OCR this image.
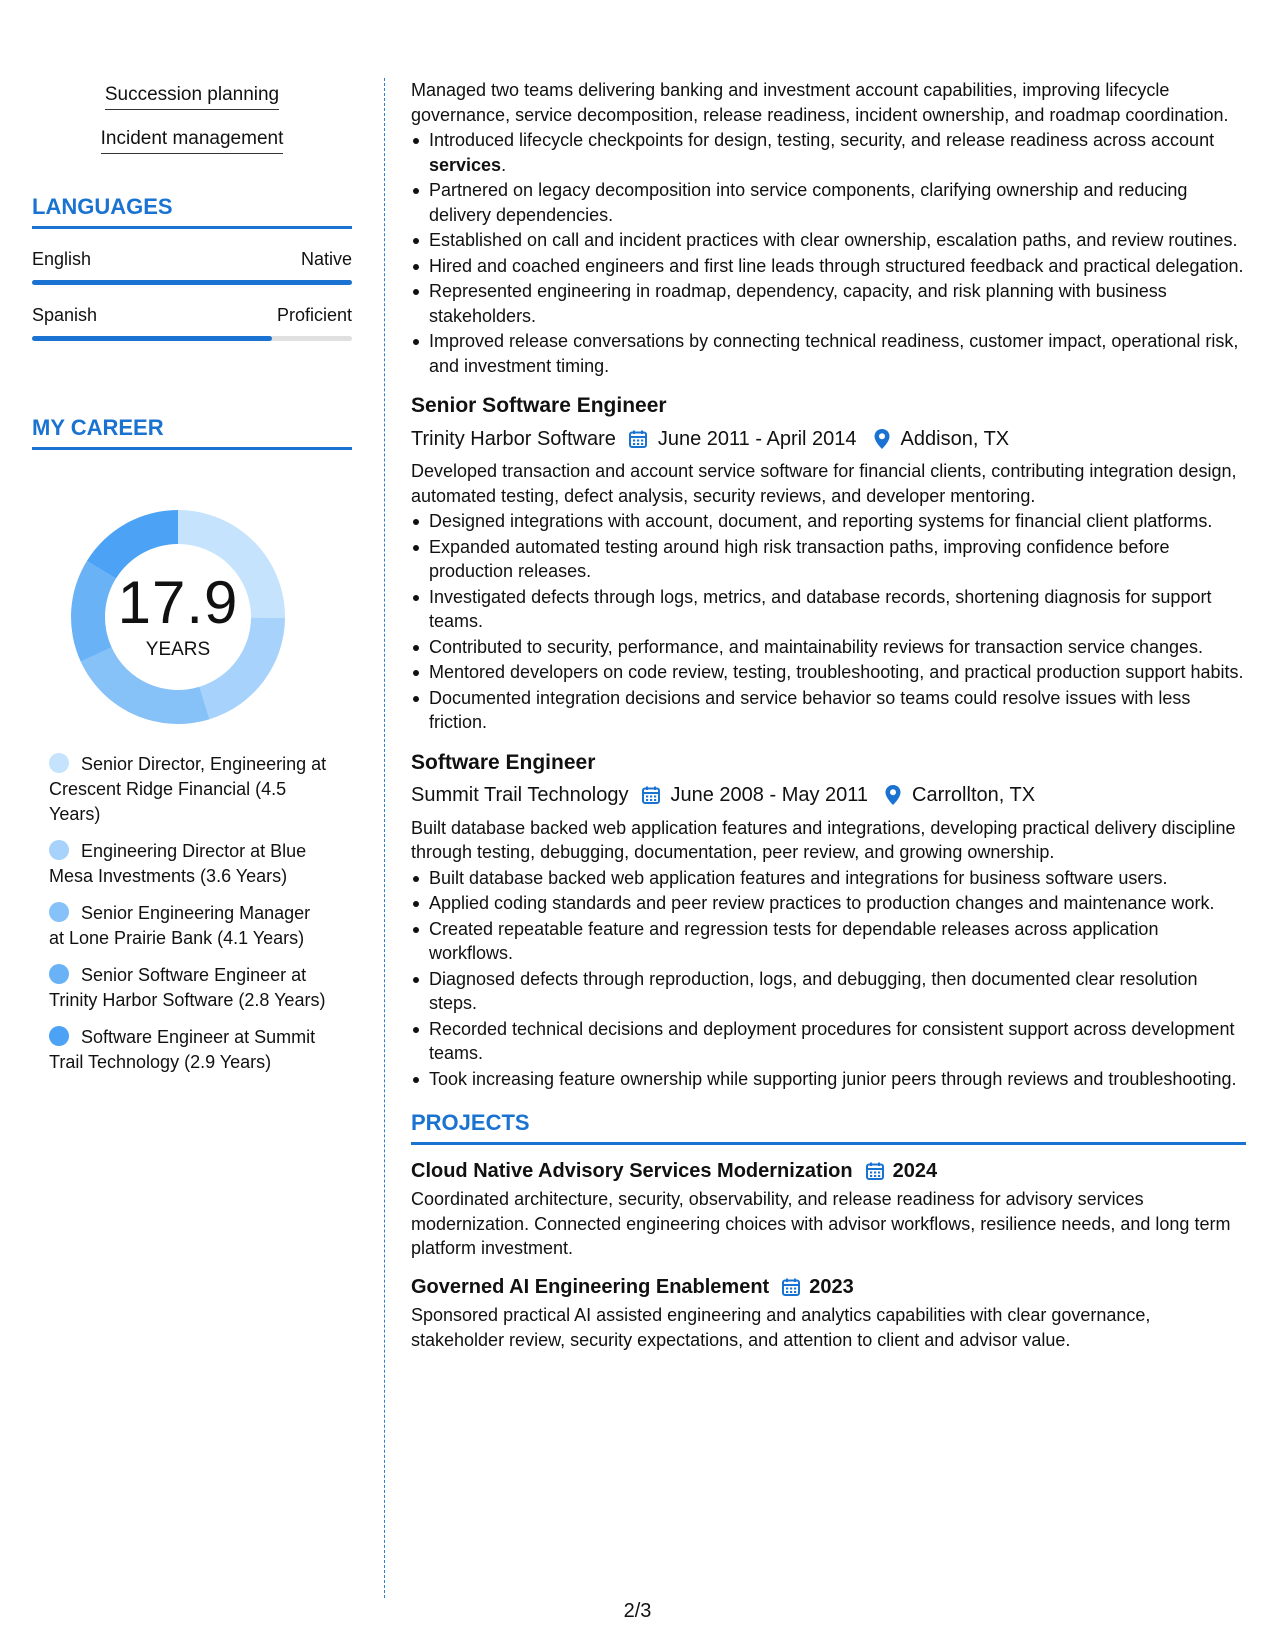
Succession planning
Incident management
LANGUAGES
English	Native
Spanish	Proficient
MY CAREER
17.9
YEARS
Senior Director, Engineering at Crescent Ridge Financial (4.5 Years)
Engineering Director at Blue Mesa Investments (3.6 Years)
Senior Engineering Manager at Lone Prairie Bank (4.1 Years)
Senior Software Engineer at Trinity Harbor Software (2.8 Years)
Software Engineer at Summit Trail Technology (2.9 Years)
Managed two teams delivering banking and investment account capabilities, improving lifecycle governance, service decomposition, release readiness, incident ownership, and roadmap coordination.
Introduced lifecycle checkpoints for design, testing, security, and release readiness across account services.
Partnered on legacy decomposition into service components, clarifying ownership and reducing delivery dependencies.
Established on call and incident practices with clear ownership, escalation paths, and review routines.
Hired and coached engineers and first line leads through structured feedback and practical delegation.
Represented engineering in roadmap, dependency, capacity, and risk planning with business stakeholders.
Improved release conversations by connecting technical readiness, customer impact, operational risk, and investment timing.
Senior Software Engineer
Trinity Harbor Software June 2011 - April 2014 Addison, TX
Developed transaction and account service software for financial clients, contributing integration design, automated testing, defect analysis, security reviews, and developer mentoring.
Designed integrations with account, document, and reporting systems for financial client platforms.
Expanded automated testing around high risk transaction paths, improving confidence before production releases.
Investigated defects through logs, metrics, and database records, shortening diagnosis for support teams.
Contributed to security, performance, and maintainability reviews for transaction service changes.
Mentored developers on code review, testing, troubleshooting, and practical production support habits.
Documented integration decisions and service behavior so teams could resolve issues with less friction.
Software Engineer
Summit Trail Technology June 2008 - May 2011 Carrollton, TX
Built database backed web application features and integrations, developing practical delivery discipline through testing, debugging, documentation, peer review, and growing ownership.
Built database backed web application features and integrations for business software users.
Applied coding standards and peer review practices to production changes and maintenance work.
Created repeatable feature and regression tests for dependable releases across application workflows.
Diagnosed defects through reproduction, logs, and debugging, then documented clear resolution steps.
Recorded technical decisions and deployment procedures for consistent support across development teams.
Took increasing feature ownership while supporting junior peers through reviews and troubleshooting.
PROJECTS
Cloud Native Advisory Services Modernization 2024
Coordinated architecture, security, observability, and release readiness for advisory services modernization. Connected engineering choices with advisor workflows, resilience needs, and long term platform investment.
Governed AI Engineering Enablement 2023
Sponsored practical AI assisted engineering and analytics capabilities with clear governance, stakeholder review, security expectations, and attention to client and advisor value.
2/3
